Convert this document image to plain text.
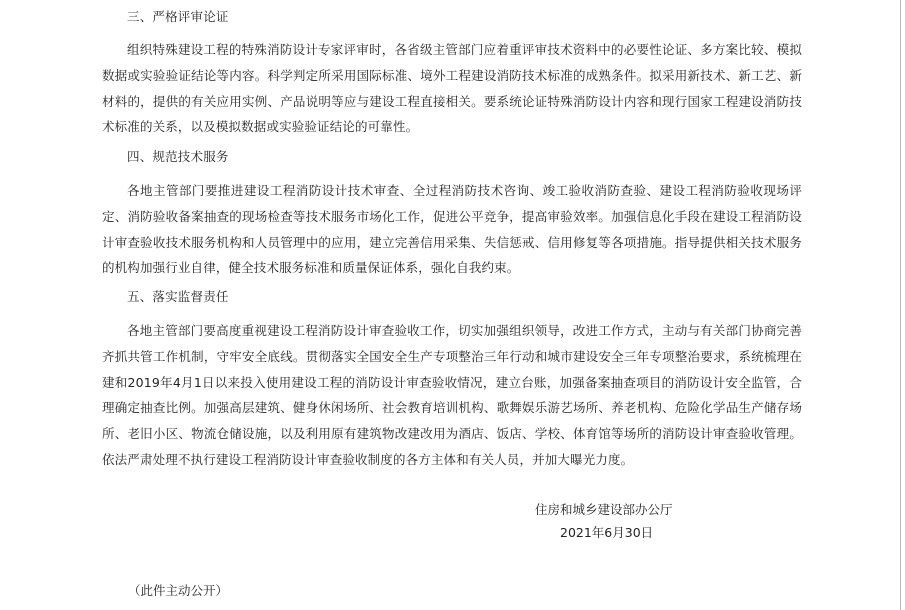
三、严格评审论证

组织特殊建设工程的特殊消防设计专家评审时，各省级主管部门应着重评审技术资料中的必要性论证、多方案比较、模拟数据或实验验证结论等内容。科学判定所采用国际标准、境外工程建设消防技术标准的成熟条件。拟采用新技术、新工艺、新材料的，提供的有关应用实例、产品说明等应与建设工程直接相关。要系统论证特殊消防设计内容和现行国家工程建设消防技术标准的关系，以及模拟数据或实验验证结论的可靠性。

四、规范技术服务

各地主管部门要推进建设工程消防设计技术审查、全过程消防技术咨询、竣工验收消防查验、建设工程消防验收现场评定、消防验收备案抽查的现场检查等技术服务市场化工作，促进公平竞争，提高审验效率。加强信息化手段在建设工程消防设计审查验收技术服务机构和人员管理中的应用，建立完善信用采集、失信惩戒、信用修复等各项措施。指导提供相关技术服务的机构加强行业自律，健全技术服务标准和质量保证体系，强化自我约束。

五、落实监督责任

各地主管部门要高度重视建设工程消防设计审查验收工作，切实加强组织领导，改进工作方式，主动与有关部门协商完善齐抓共管工作机制，守牢安全底线。贯彻落实全国安全生产专项整治三年行动和城市建设安全三年专项整治要求，系统梳理在建和2019年4月1日以来投入使用建设工程的消防设计审查验收情况，建立台账，加强备案抽查项目的消防设计安全监管，合理确定抽查比例。加强高层建筑、健身休闲场所、社会教育培训机构、歌舞娱乐游艺场所、养老机构、危险化学品生产储存场所、老旧小区、物流仓储设施，以及利用原有建筑物改建改用为酒店、饭店、学校、体育馆等场所的消防设计审查验收管理。依法严肃处理不执行建设工程消防设计审查验收制度的各方主体和有关人员，并加大曝光力度。

住房和城乡建设部办公厅
2021年6月30日
（此件主动公开）
